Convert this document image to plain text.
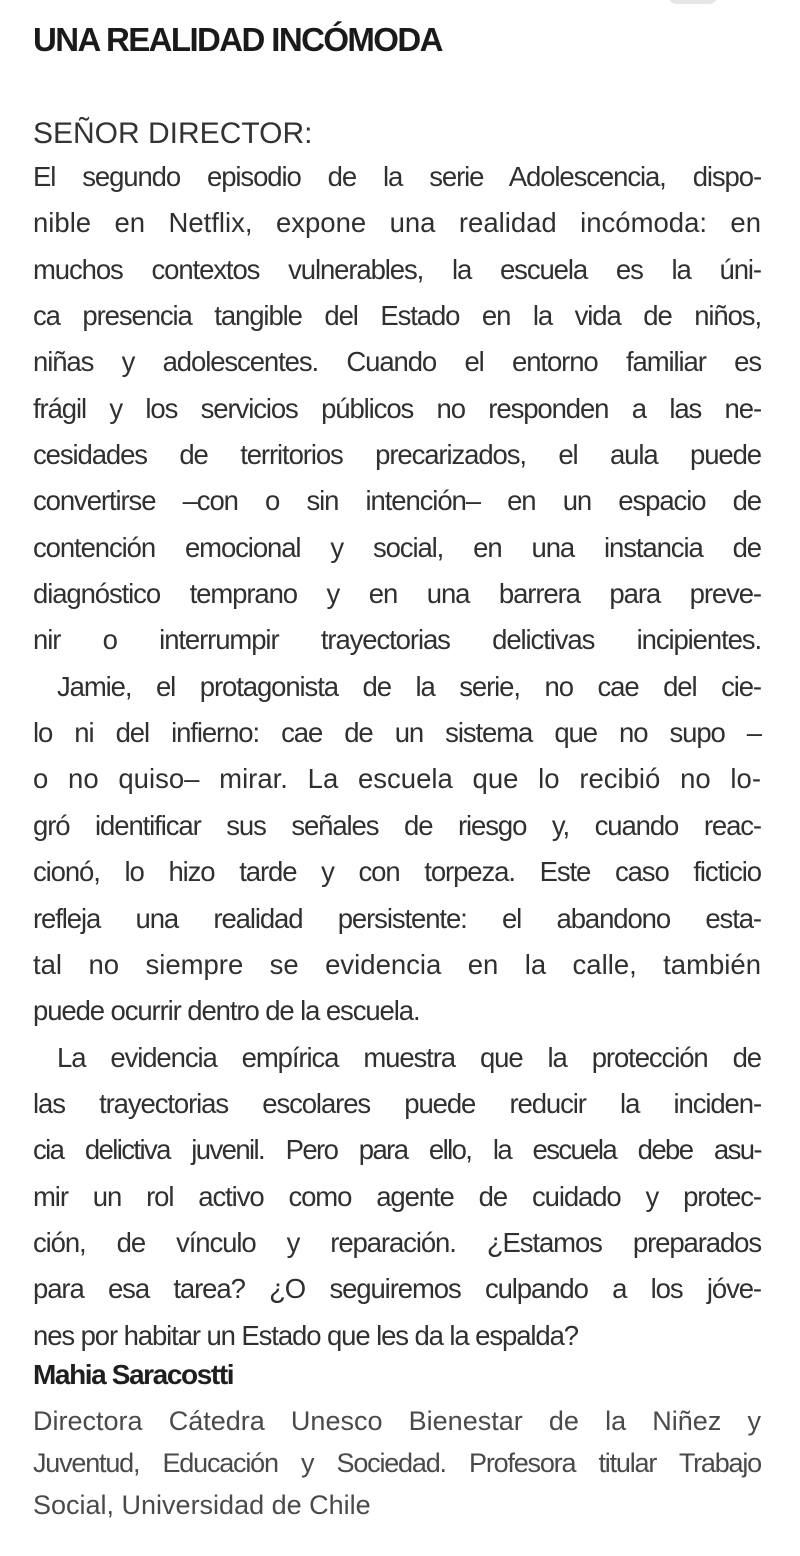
UNA REALIDAD INCÓMODA
SEÑOR DIRECTOR:
El segundo episodio de la serie Adolescencia, dispo-
nible en Netflix, expone una realidad incómoda: en
muchos contextos vulnerables, la escuela es la úni-
ca presencia tangible del Estado en la vida de niños,
niñas y adolescentes. Cuando el entorno familiar es
frágil y los servicios públicos no responden a las ne-
cesidades de territorios precarizados, el aula puede
convertirse –con o sin intención– en un espacio de
contención emocional y social, en una instancia de
diagnóstico temprano y en una barrera para preve-
nir o interrumpir trayectorias delictivas incipientes.
Jamie, el protagonista de la serie, no cae del cie-
lo ni del infierno: cae de un sistema que no supo –
o no quiso– mirar. La escuela que lo recibió no lo-
gró identificar sus señales de riesgo y, cuando reac-
cionó, lo hizo tarde y con torpeza. Este caso ficticio
refleja una realidad persistente: el abandono esta-
tal no siempre se evidencia en la calle, también
puede ocurrir dentro de la escuela.
La evidencia empírica muestra que la protección de
las trayectorias escolares puede reducir la inciden-
cia delictiva juvenil. Pero para ello, la escuela debe asu-
mir un rol activo como agente de cuidado y protec-
ción, de vínculo y reparación. ¿Estamos preparados
para esa tarea? ¿O seguiremos culpando a los jóve-
nes por habitar un Estado que les da la espalda?
Mahia Saracostti
Directora Cátedra Unesco Bienestar de la Niñez y
Juventud, Educación y Sociedad. Profesora titular Trabajo
Social, Universidad de Chile
